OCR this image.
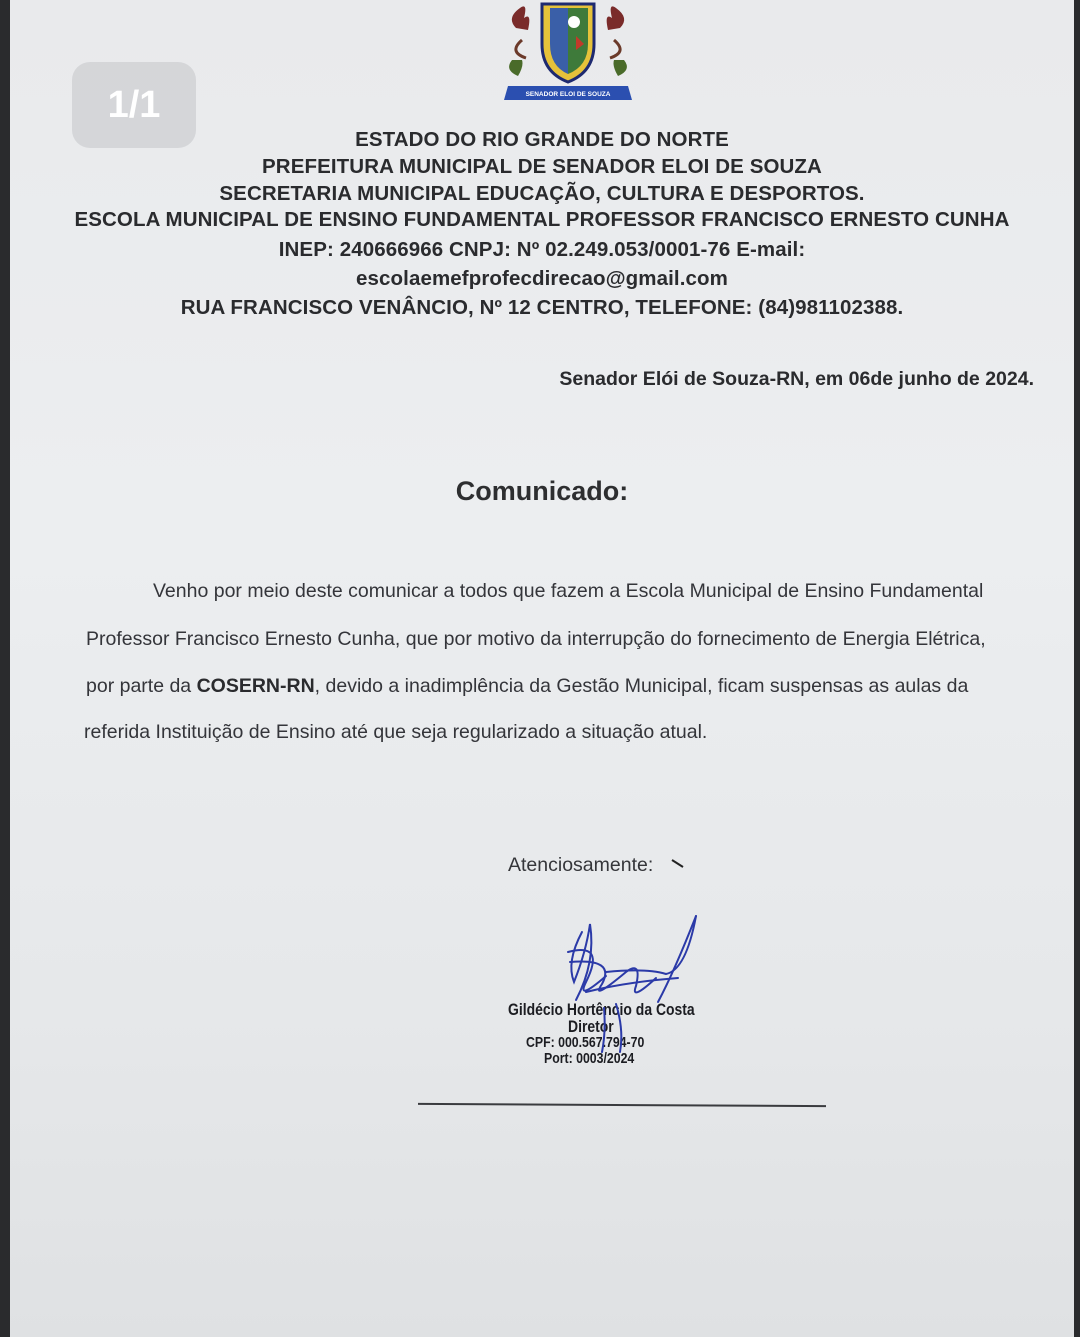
SENADOR ELOI DE SOUZA
ESTADO DO RIO GRANDE DO NORTE
PREFEITURA MUNICIPAL DE SENADOR ELOI DE SOUZA
SECRETARIA MUNICIPAL EDUCAÇÃO, CULTURA E DESPORTOS.
ESCOLA MUNICIPAL DE ENSINO FUNDAMENTAL PROFESSOR FRANCISCO ERNESTO CUNHA
INEP: 240666966 CNPJ: Nº 02.249.053/0001-76 E-mail:
escolaemefprofecdirecao@gmail.com
RUA FRANCISCO VENÂNCIO, Nº 12 CENTRO, TELEFONE: (84)981102388.
Senador Elói de Souza-RN, em 06de junho de 2024.
Comunicado:
Venho por meio deste comunicar a todos que fazem a Escola Municipal de Ensino Fundamental
Professor Francisco Ernesto Cunha, que por motivo da interrupção do fornecimento de Energia Elétrica,
por parte da COSERN-RN, devido a inadimplência da Gestão Municipal, ficam suspensas as aulas da
referida Instituição de Ensino até que seja regularizado a situação atual.
Atenciosamente:
Gildécio Hortêncio da Costa
Diretor
CPF: 000.567.794-70
Port: 0003/2024
1/1
